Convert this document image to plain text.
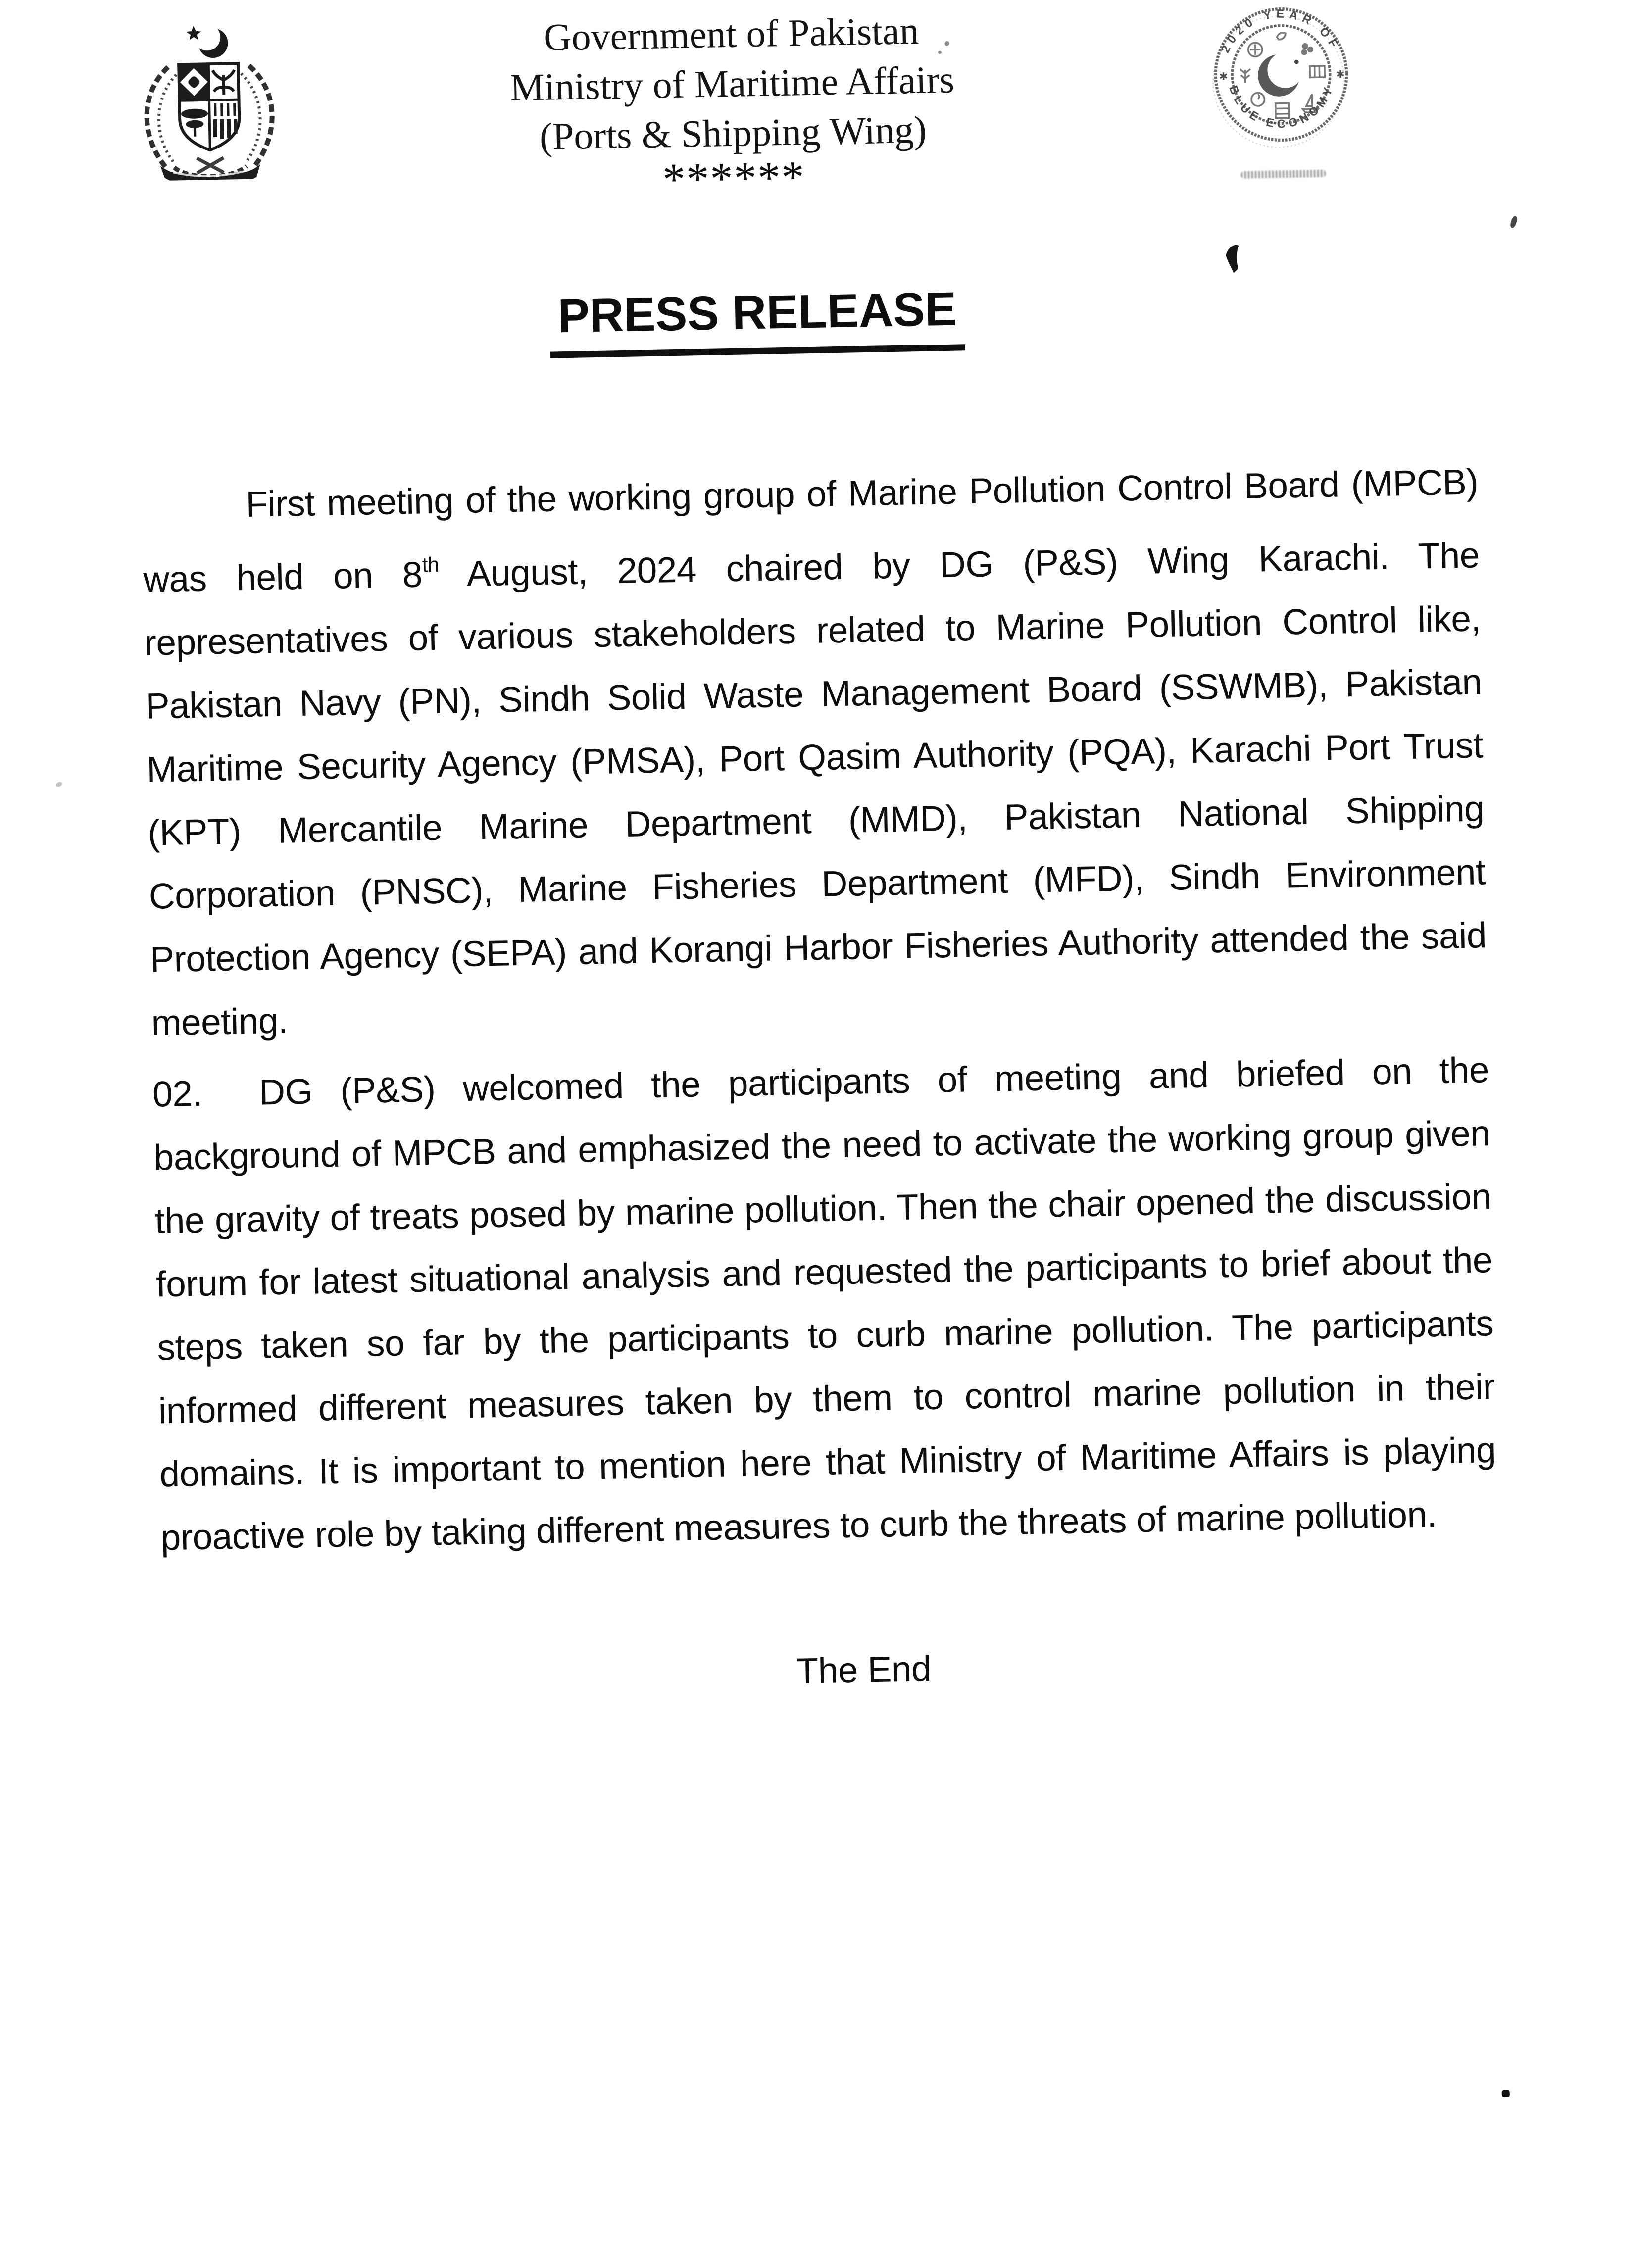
Government of Pakistan
Ministry of Maritime Affairs
(Ports & Shipping Wing)
******
2020 YEAR OF
BLUE ECONOMY
✱	✱
PRESS RELEASE

First meeting of the working group of Marine Pollution Control Board (MPCB) was held on 8th August, 2024 chaired by DG (P&S) Wing Karachi. The representatives of various stakeholders related to Marine Pollution Control like, Pakistan Navy (PN), Sindh Solid Waste Management Board (SSWMB), Pakistan Maritime Security Agency (PMSA), Port Qasim Authority (PQA), Karachi Port Trust (KPT) Mercantile Marine Department (MMD), Pakistan National Shipping Corporation (PNSC), Marine Fisheries Department (MFD), Sindh Environment Protection Agency (SEPA) and Korangi Harbor Fisheries Authority attended the said meeting.

02. DG (P&S) welcomed the participants of meeting and briefed on the background of MPCB and emphasized the need to activate the working group given the gravity of treats posed by marine pollution. Then the chair opened the discussion forum for latest situational analysis and requested the participants to brief about the steps taken so far by the participants to curb marine pollution. The participants informed different measures taken by them to control marine pollution in their domains. It is important to mention here that Ministry of Maritime Affairs is playing proactive role by taking different measures to curb the threats of marine pollution.

The End
